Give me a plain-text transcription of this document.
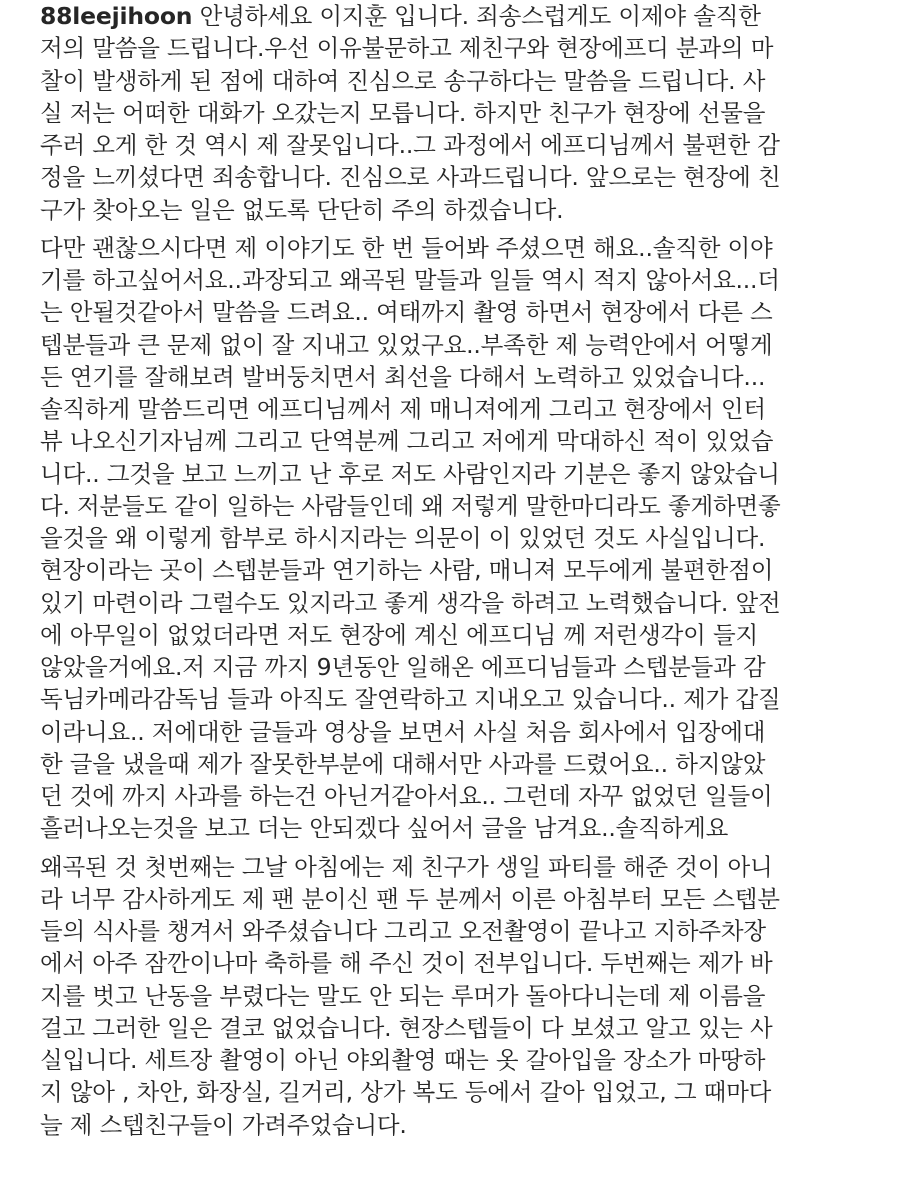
88leejihoon 안녕하세요 이지훈 입니다. 죄송스럽게도 이제야 솔직한
저의 말씀을 드립니다.우선 이유불문하고 제친구와 현장에프디 분과의 마
찰이 발생하게 된 점에 대하여 진심으로 송구하다는 말씀을 드립니다. 사
실 저는 어떠한 대화가 오갔는지 모릅니다. 하지만 친구가 현장에 선물을
주러 오게 한 것 역시 제 잘못입니다..그 과정에서 에프디님께서 불편한 감
정을 느끼셨다면 죄송합니다. 진심으로 사과드립니다. 앞으로는 현장에 친
구가 찾아오는 일은 없도록 단단히 주의 하겠습니다.
다만 괜찮으시다면 제 이야기도 한 번 들어봐 주셨으면 해요..솔직한 이야
기를 하고싶어서요..과장되고 왜곡된 말들과 일들 역시 적지 않아서요...더
는 안될것같아서 말씀을 드려요.. 여태까지 촬영 하면서 현장에서 다른 스
텝분들과 큰 문제 없이 잘 지내고 있었구요..부족한 제 능력안에서 어떻게
든 연기를 잘해보려 발버둥치면서 최선을 다해서 노력하고 있었습니다...
솔직하게 말씀드리면 에프디님께서 제 매니져에게 그리고 현장에서 인터
뷰 나오신기자님께 그리고 단역분께 그리고 저에게 막대하신 적이 있었습
니다.. 그것을 보고 느끼고 난 후로 저도 사람인지라 기분은 좋지 않았습니
다. 저분들도 같이 일하는 사람들인데 왜 저렇게 말한마디라도 좋게하면좋
을것을 왜 이렇게 함부로 하시지라는 의문이 이 있었던 것도 사실입니다.
현장이라는 곳이 스텝분들과 연기하는 사람, 매니져 모두에게 불편한점이
있기 마련이라 그럴수도 있지라고 좋게 생각을 하려고 노력했습니다. 앞전
에 아무일이 없었더라면 저도 현장에 계신 에프디님 께 저런생각이 들지
않았을거에요.저 지금 까지 9년동안 일해온 에프디님들과 스텝분들과 감
독님카메라감독님 들과 아직도 잘연락하고 지내오고 있습니다.. 제가 갑질
이라니요.. 저에대한 글들과 영상을 보면서 사실 처음 회사에서 입장에대
한 글을 냈을때 제가 잘못한부분에 대해서만 사과를 드렸어요.. 하지않았
던 것에 까지 사과를 하는건 아닌거같아서요.. 그런데 자꾸 없었던 일들이
흘러나오는것을 보고 더는 안되겠다 싶어서 글을 남겨요..솔직하게요
왜곡된 것 첫번째는 그날 아침에는 제 친구가 생일 파티를 해준 것이 아니
라 너무 감사하게도 제 팬 분이신 팬 두 분께서 이른 아침부터 모든 스텝분
들의 식사를 챙겨서 와주셨습니다 그리고 오전촬영이 끝나고 지하주차장
에서 아주 잠깐이나마 축하를 해 주신 것이 전부입니다. 두번째는 제가 바
지를 벗고 난동을 부렸다는 말도 안 되는 루머가 돌아다니는데 제 이름을
걸고 그러한 일은 결코 없었습니다. 현장스텝들이 다 보셨고 알고 있는 사
실입니다. 세트장 촬영이 아닌 야외촬영 때는 옷 갈아입을 장소가 마땅하
지 않아 , 차안, 화장실, 길거리, 상가 복도 등에서 갈아 입었고, 그 때마다
늘 제 스텝친구들이 가려주었습니다.
